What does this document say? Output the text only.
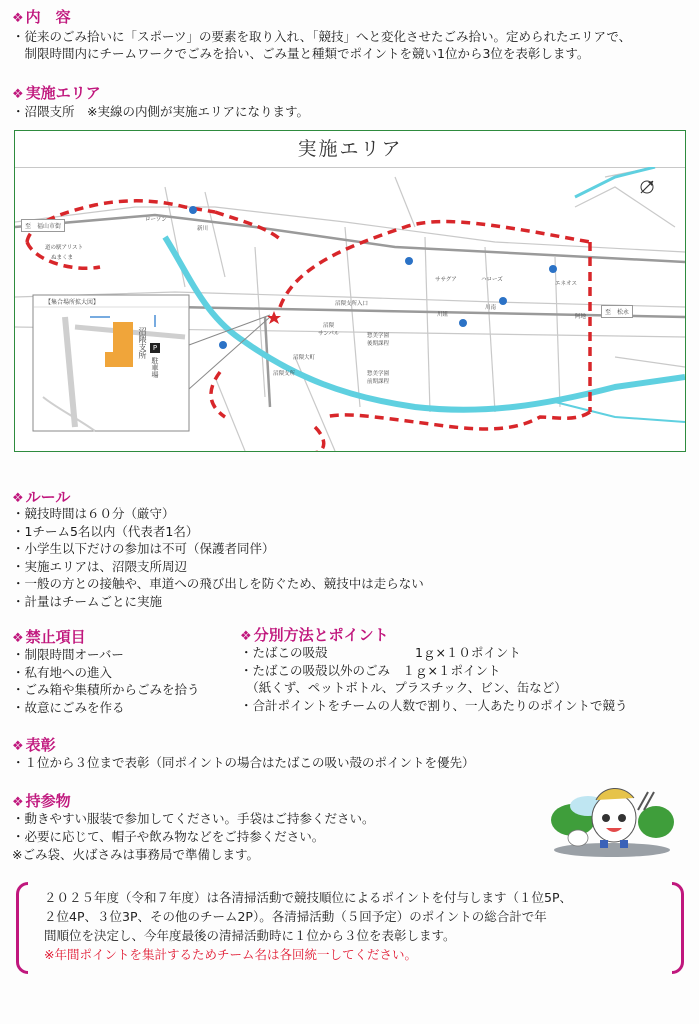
❖ 内　容
・従来のごみ拾いに「スポーツ」の要素を取り入れ、「競技」へと変化させたごみ拾い。定められたエリアで、
　制限時間内にチームワークでごみを拾い、ごみ量と種類でポイントを競い1位から3位を表彰します。
❖ 実施エリア
・沼隈支所　※実線の内側が実施エリアになります。
実施エリア
至　福山市街
至　松永
道の駅アリスト
ぬまくま
ローソン
新川
川組	阿地
沼隈
サンパル	惣美学園
後期課程
惣美学園
前期課程
沼隈大町
沼隈支所
ササグア	ハローズ
エネオス
川南
沼隈支所入口
【集合場所拡大図】
沼隈支所 P
駐車場
❖ ルール
・競技時間は６０分（厳守）
・1チーム5名以内（代表者1名）
・小学生以下だけの参加は不可（保護者同伴）
・実施エリアは、沼隈支所周辺
・一般の方との接触や、車道への飛び出しを防ぐため、競技中は走らない
・計量はチームごとに実施
❖ 禁止項目
・制限時間オーバー
・私有地への進入
・ごみ箱や集積所からごみを拾う
・故意にごみを作る
❖ 分別方法とポイント
・たばこの吸殻　　　　　　　1ｇ×１０ポイント
・たばこの吸殻以外のごみ　１ｇ×１ポイント
　（紙くず、ペットボトル、プラスチック、ビン、缶など）
・合計ポイントをチームの人数で割り、一人あたりのポイントで競う
❖ 表彰
・１位から３位まで表彰（同ポイントの場合はたばこの吸い殻のポイントを優先）
❖ 持参物
・動きやすい服装で参加してください。手袋はご持参ください。
・必要に応じて、帽子や飲み物などをご持参ください。
※ごみ袋、火ばさみは事務局で準備します。
２０２５年度（令和７年度）は各清掃活動で競技順位によるポイントを付与します（１位5P、
２位4P、３位3P、その他のチーム2P）。各清掃活動（５回予定）のポイントの総合計で年
間順位を決定し、今年度最後の清掃活動時に１位から３位を表彰します。
※年間ポイントを集計するためチーム名は各回統一してください。
